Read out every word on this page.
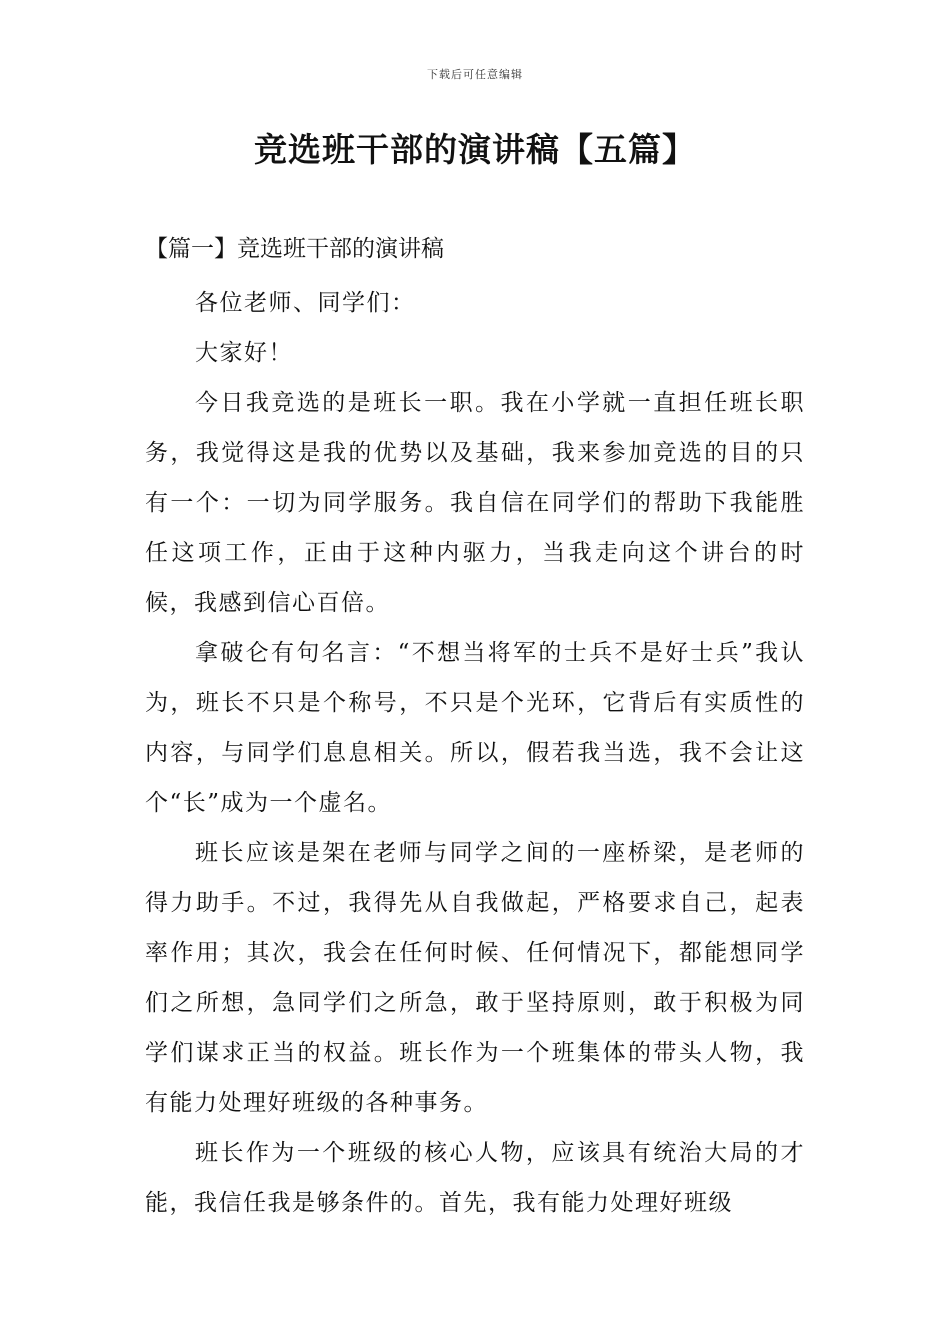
下载后可任意编辑
竞选班干部的演讲稿【五篇】
【篇一】竞选班干部的演讲稿

各位老师、同学们：

大家好！

今日我竞选的是班长一职。我在小学就一直担任班长职务，我觉得这是我的优势以及基础，我来参加竞选的目的只有一个：一切为同学服务。我自信在同学们的帮助下我能胜任这项工作，正由于这种内驱力，当我走向这个讲台的时候，我感到信心百倍。

拿破仑有句名言：“不想当将军的士兵不是好士兵”我认为，班长不只是个称号，不只是个光环，它背后有实质性的内容，与同学们息息相关。所以，假若我当选，我不会让这个“长”成为一个虚名。

班长应该是架在老师与同学之间的一座桥梁，是老师的得力助手。不过，我得先从自我做起，严格要求自己，起表率作用；其次，我会在任何时候、任何情况下，都能想同学们之所想，急同学们之所急，敢于坚持原则，敢于积极为同学们谋求正当的权益。班长作为一个班集体的带头人物，我有能力处理好班级的各种事务。

班长作为一个班级的核心人物，应该具有统治大局的才能，我信任我是够条件的。首先，我有能力处理好班级
